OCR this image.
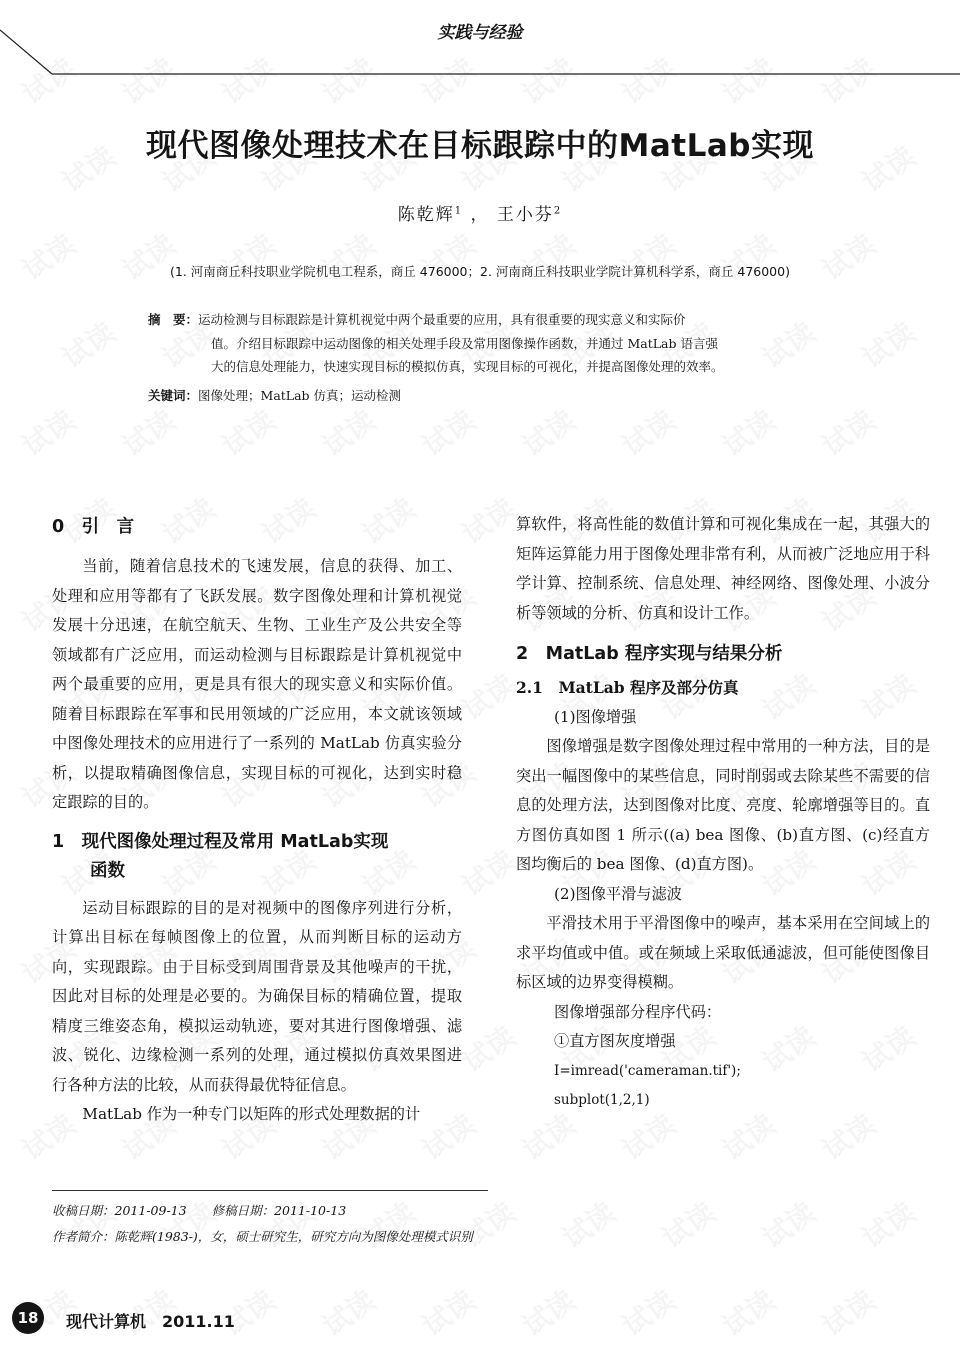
实践与经验
现代图像处理技术在目标跟踪中的MatLab实现
陈乾辉$^1$ ， 王小芬$^2$
(1. 河南商丘科技职业学院机电工程系，商丘 476000；2. 河南商丘科技职业学院计算机科学系，商丘 476000)
摘　要：运动检测与目标跟踪是计算机视觉中两个最重要的应用，具有很重要的现实意义和实际价
值。介绍目标跟踪中运动图像的相关处理手段及常用图像操作函数，并通过 MatLab 语言强
大的信息处理能力，快速实现目标的模拟仿真，实现目标的可视化，并提高图像处理的效率。
关键词：图像处理；MatLab 仿真；运动检测
0　引　言

当前，随着信息技术的飞速发展，信息的获得、加工、处理和应用等都有了飞跃发展。数字图像处理和计算机视觉发展十分迅速，在航空航天、生物、工业生产及公共安全等领域都有广泛应用，而运动检测与目标跟踪是计算机视觉中两个最重要的应用，更是具有很大的现实意义和实际价值。随着目标跟踪在军事和民用领域的广泛应用，本文就该领域中图像处理技术的应用进行了一系列的 MatLab 仿真实验分析，以提取精确图像信息，实现目标的可视化，达到实时稳定跟踪的目的。

1　现代图像处理过程及常用 MatLab实现
函数

运动目标跟踪的目的是对视频中的图像序列进行分析，计算出目标在每帧图像上的位置，从而判断目标的运动方向，实现跟踪。由于目标受到周围背景及其他噪声的干扰，因此对目标的处理是必要的。为确保目标的精确位置，提取精度三维姿态角，模拟运动轨迹，要对其进行图像增强、滤波、锐化、边缘检测一系列的处理，通过模拟仿真效果图进行各种方法的比较，从而获得最优特征信息。

MatLab 作为一种专门以矩阵的形式处理数据的计

算软件，将高性能的数值计算和可视化集成在一起，其强大的矩阵运算能力用于图像处理非常有利，从而被广泛地应用于科学计算、控制系统、信息处理、神经网络、图像处理、小波分析等领域的分析、仿真和设计工作。

2　MatLab 程序实现与结果分析
2.1　MatLab 程序及部分仿真
(1)图像增强

图像增强是数字图像处理过程中常用的一种方法，目的是突出一幅图像中的某些信息，同时削弱或去除某些不需要的信息的处理方法，达到图像对比度、亮度、轮廓增强等目的。直方图仿真如图 1 所示((a) bea 图像、(b)直方图、(c)经直方图均衡后的 bea 图像、(d)直方图)。

(2)图像平滑与滤波

平滑技术用于平滑图像中的噪声，基本采用在空间域上的求平均值或中值。或在频域上采取低通滤波，但可能使图像目标区域的边界变得模糊。

图像增强部分程序代码：
①直方图灰度增强
I=imread('cameraman.tif');
subplot(1,2,1)
收稿日期：2011-09-13　　修稿日期：2011-10-13
作者简介：陈乾辉(1983-)，女，硕士研究生，研究方向为图像处理模式识别
18	现代计算机　2011.11
